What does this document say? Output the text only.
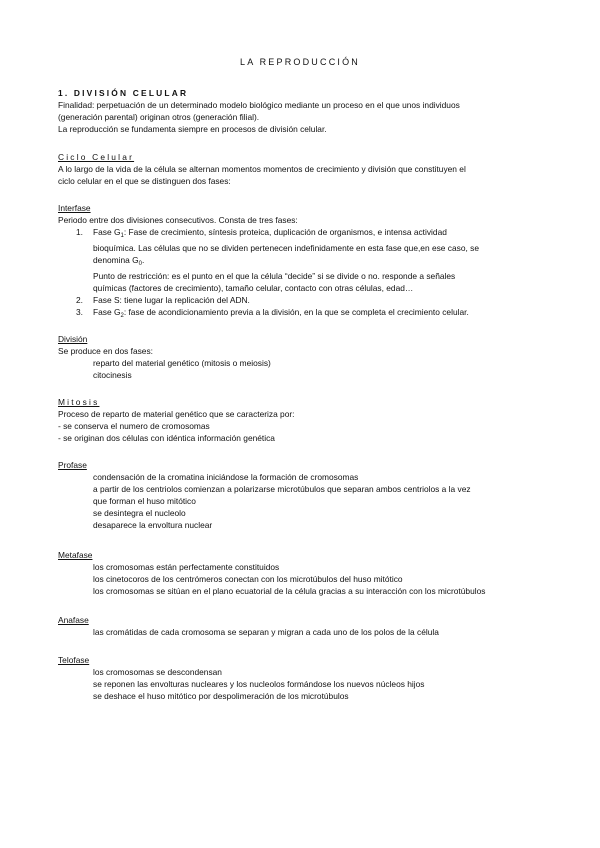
LA REPRODUCCIÓN

1. DIVISIÓN CELULAR

Finalidad: perpetuación de un determinado modelo biológico mediante un proceso en el que unos individuos

(generación parental) originan otros (generación filial).

La reproducción se fundamenta siempre en procesos de división celular.

Ciclo Celular

A lo largo de la vida de la célula se alternan momentos momentos de crecimiento y división que constituyen el

ciclo celular en el que se distinguen dos fases:

Interfase

Periodo entre dos divisiones consecutivos. Consta de tres fases:

1. Fase $G_1$: Fase de crecimiento, síntesis proteica, duplicación de organismos, e intensa actividad
bioquímica. Las células que no se dividen pertenecen indefinidamente en esta fase que,en ese caso, se
denomina $G_0$.
Punto de restricción: es el punto en el que la célula “decide” si se divide o no. responde a señales
químicas (factores de crecimiento), tamaño celular, contacto con otras células, edad…
2. Fase S: tiene lugar la replicación del ADN.
3. Fase $G_2$: fase de acondicionamiento previa a la división, en la que se completa el crecimiento celular.

División

Se produce en dos fases:

reparto del material genético (mitosis o meiosis)

citocinesis

Mitosis

Proceso de reparto de material genético que se caracteriza por:

- se conserva el numero de cromosomas

- se originan dos células con idéntica información genética

Profase

condensación de la cromatina iniciándose la formación de cromosomas

a partir de los centriolos comienzan a polarizarse microtúbulos que separan ambos centriolos a la vez

que forman el huso mitótico

se desintegra el nucleolo

desaparece la envoltura nuclear

Metafase

los cromosomas están perfectamente constituidos

los cinetocoros de los centrómeros conectan con los microtúbulos del huso mitótico

los cromosomas se sitúan en el plano ecuatorial de la célula gracias a su interacción con los microtúbulos

Anafase

las cromátidas de cada cromosoma se separan y migran a cada uno de los polos de la célula

Telofase

los cromosomas se descondensan

se reponen las envolturas nucleares y los nucleolos formándose los nuevos núcleos hijos

se deshace el huso mitótico por despolimeración de los microtúbulos
